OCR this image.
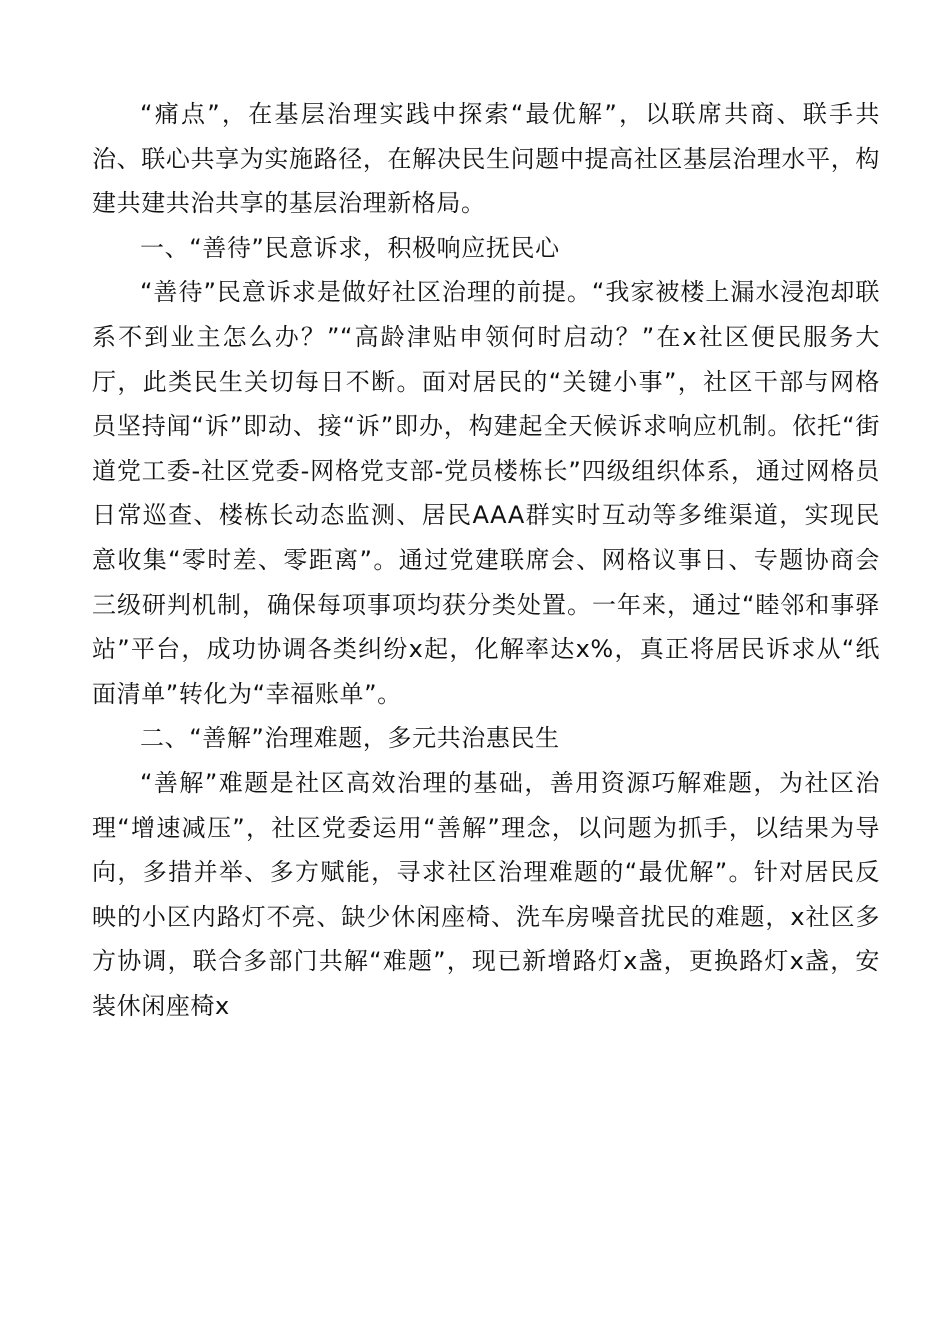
“痛点”，在基层治理实践中探索“最优解”，以联席共商、联手共治、联心共享为实施路径，在解决民生问题中提高社区基层治理水平，构建共建共治共享的基层治理新格局。

一、“善待”民意诉求，积极响应抚民心

“善待”民意诉求是做好社区治理的前提。“我家被楼上漏水浸泡却联系不到业主怎么办？”“高龄津贴申领何时启动？”在x社区便民服务大厅，此类民生关切每日不断。面对居民的“关键小事”，社区干部与网格员坚持闻“诉”即动、接“诉”即办，构建起全天候诉求响应机制。依托“街道党工委-社区党委-网格党支部-党员楼栋长”四级组织体系，通过网格员日常巡查、楼栋长动态监测、居民AAA群实时互动等多维渠道，实现民意收集“零时差、零距离”。通过党建联席会、网格议事日、专题协商会三级研判机制，确保每项事项均获分类处置。一年来，通过“睦邻和事驿站”平台，成功协调各类纠纷x起，化解率达x%，真正将居民诉求从“纸面清单”转化为“幸福账单”。

二、“善解”治理难题，多元共治惠民生

“善解”难题是社区高效治理的基础，善用资源巧解难题，为社区治理“增速减压”，社区党委运用“善解”理念，以问题为抓手，以结果为导向，多措并举、多方赋能，寻求社区治理难题的“最优解”。针对居民反映的小区内路灯不亮、缺少休闲座椅、洗车房噪音扰民的难题，x社区多方协调，联合多部门共解“难题”，现已新增路灯x盏，更换路灯x盏，安装休闲座椅x
